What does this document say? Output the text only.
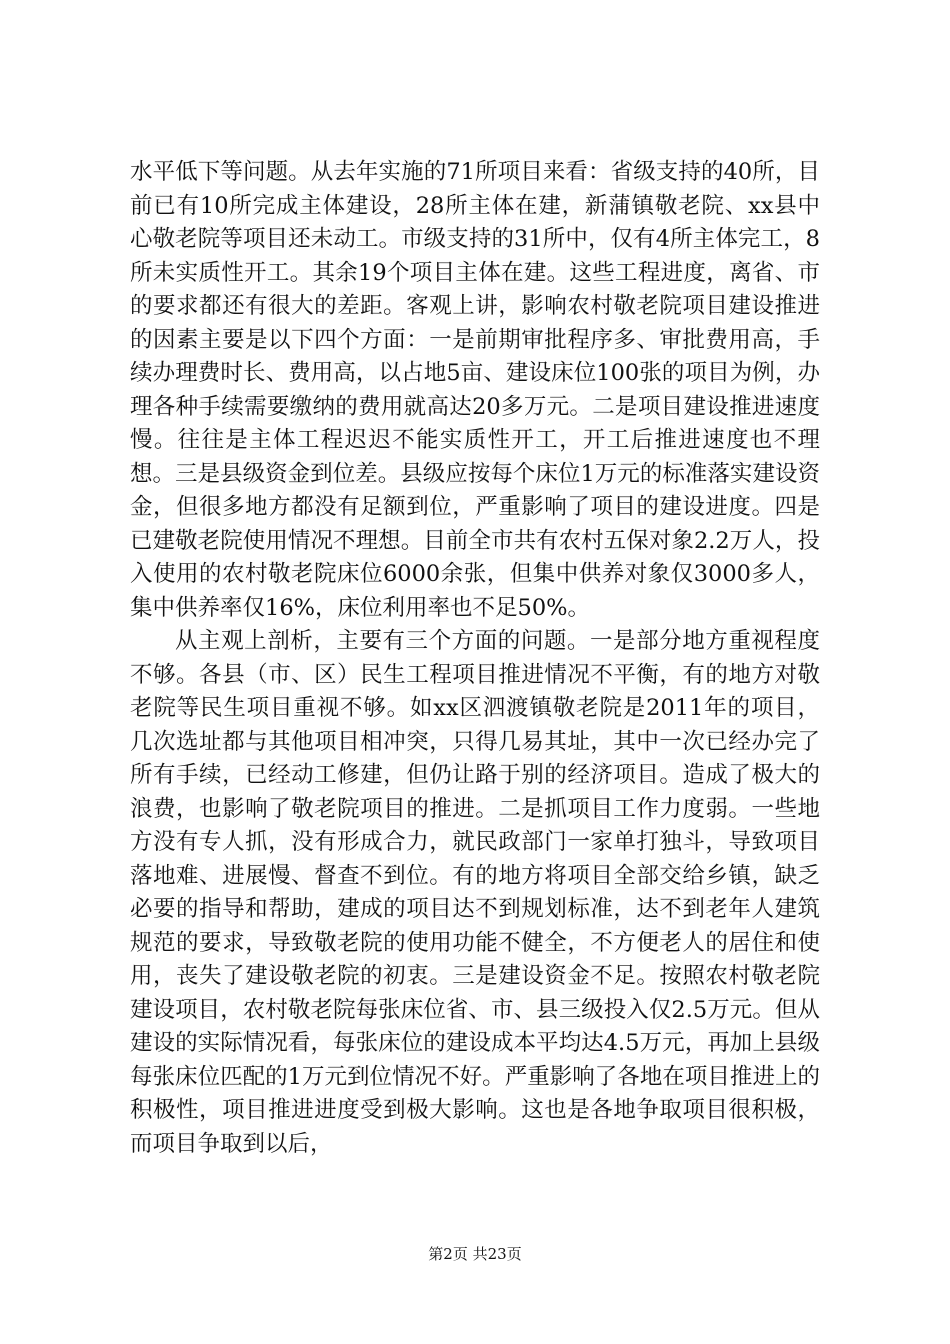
水平低下等问题。从去年实施的71所项目来看：省级支持的40所，目前已有10所完成主体建设，28所主体在建，新蒲镇敬老院、xx县中心敬老院等项目还未动工。市级支持的31所中，仅有4所主体完工，8所未实质性开工。其余19个项目主体在建。这些工程进度，离省、市的要求都还有很大的差距。客观上讲，影响农村敬老院项目建设推进的因素主要是以下四个方面：一是前期审批程序多、审批费用高，手续办理费时长、费用高，以占地5亩、建设床位100张的项目为例，办理各种手续需要缴纳的费用就高达20多万元。二是项目建设推进速度慢。往往是主体工程迟迟不能实质性开工，开工后推进速度也不理想。三是县级资金到位差。县级应按每个床位1万元的标准落实建设资金，但很多地方都没有足额到位，严重影响了项目的建设进度。四是已建敬老院使用情况不理想。目前全市共有农村五保对象2.2万人，投入使用的农村敬老院床位6000余张，但集中供养对象仅3000多人，集中供养率仅16%，床位利用率也不足50%。

从主观上剖析，主要有三个方面的问题。一是部分地方重视程度不够。各县（市、区）民生工程项目推进情况不平衡，有的地方对敬老院等民生项目重视不够。如xx区泗渡镇敬老院是2011年的项目，几次选址都与其他项目相冲突，只得几易其址，其中一次已经办完了所有手续，已经动工修建，但仍让路于别的经济项目。造成了极大的浪费，也影响了敬老院项目的推进。二是抓项目工作力度弱。一些地方没有专人抓，没有形成合力，就民政部门一家单打独斗，导致项目落地难、进展慢、督查不到位。有的地方将项目全部交给乡镇，缺乏必要的指导和帮助，建成的项目达不到规划标准，达不到老年人建筑规范的要求，导致敬老院的使用功能不健全，不方便老人的居住和使用，丧失了建设敬老院的初衷。三是建设资金不足。按照农村敬老院建设项目，农村敬老院每张床位省、市、县三级投入仅2.5万元。但从建设的实际情况看，每张床位的建设成本平均达4.5万元，再加上县级每张床位匹配的1万元到位情况不好。严重影响了各地在项目推进上的积极性，项目推进进度受到极大影响。这也是各地争取项目很积极，而项目争取到以后，

第2页 共23页
